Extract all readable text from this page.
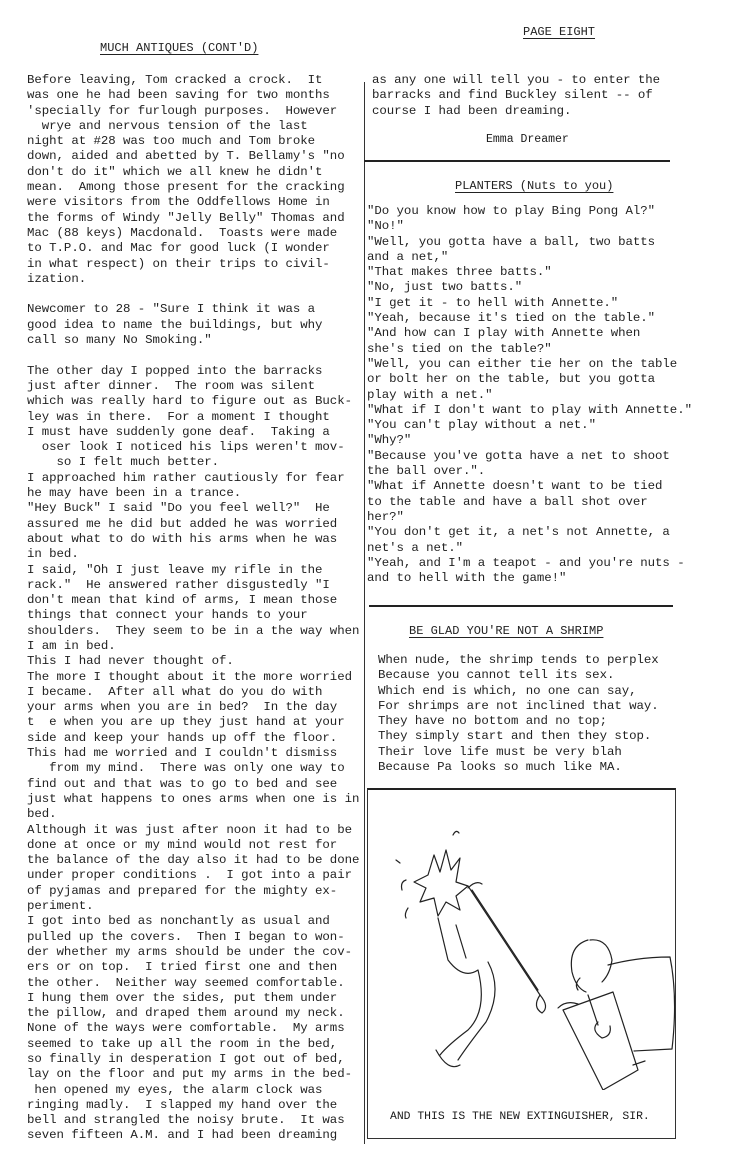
MUCH ANTIQUES (CONT'D)
PAGE EIGHT
Before leaving, Tom cracked a crock.  It
was one he had been saving for two months
'specially for furlough purposes.  However
wrye and nervous tension of the last
night at #28 was too much and Tom broke
down, aided and abetted by T. Bellamy's "no
don't do it" which we all knew he didn't
mean.  Among those present for the cracking
were visitors from the Oddfellows Home in
the forms of Windy "Jelly Belly" Thomas and
Mac (88 keys) Macdonald.  Toasts were made
to T.P.O. and Mac for good luck (I wonder
in what respect) on their trips to civil-
ization.
Newcomer to 28 - "Sure I think it was a
good idea to name the buildings, but why
call so many No Smoking."
The other day I popped into the barracks
just after dinner.  The room was silent
which was really hard to figure out as Buck-
ley was in there.  For a moment I thought
I must have suddenly gone deaf.  Taking a
oser look I noticed his lips weren't mov-
so I felt much better.
I approached him rather cautiously for fear
he may have been in a trance.
"Hey Buck" I said "Do you feel well?"  He
assured me he did but added he was worried
about what to do with his arms when he was
in bed.
I said, "Oh I just leave my rifle in the
rack."  He answered rather disgustedly "I
don't mean that kind of arms, I mean those
things that connect your hands to your
shoulders.  They seem to be in a the way when
I am in bed.
This I had never thought of.
The more I thought about it the more worried
I became.  After all what do you do with
your arms when you are in bed?  In the day
t  e when you are up they just hand at your
side and keep your hands up off the floor.
This had me worried and I couldn't dismiss
from my mind.  There was only one way to
find out and that was to go to bed and see
just what happens to ones arms when one is in
bed.
Although it was just after noon it had to be
done at once or my mind would not rest for
the balance of the day also it had to be done
under proper conditions .  I got into a pair
of pyjamas and prepared for the mighty ex-
periment.
I got into bed as nonchantly as usual and
pulled up the covers.  Then I began to won-
der whether my arms should be under the cov-
ers or on top.  I tried first one and then
the other.  Neither way seemed comfortable.
I hung them over the sides, put them under
the pillow, and draped them around my neck.
None of the ways were comfortable.  My arms
seemed to take up all the room in the bed,
so finally in desperation I got out of bed,
lay on the floor and put my arms in the bed-
hen opened my eyes, the alarm clock was
ringing madly.  I slapped my hand over the
bell and strangled the noisy brute.  It was
seven fifteen A.M. and I had been dreaming
as any one will tell you - to enter the
barracks and find Buckley silent -- of
course I had been dreaming.
Emma Dreamer
PLANTERS (Nuts to you)
"Do you know how to play Bing Pong Al?"
"No!"
"Well, you gotta have a ball, two batts
and a net,"
"That makes three batts."
"No, just two batts."
"I get it - to hell with Annette."
"Yeah, because it's tied on the table."
"And how can I play with Annette when
she's tied on the table?"
"Well, you can either tie her on the table
or bolt her on the table, but you gotta
play with a net."
"What if I don't want to play with Annette."
"You can't play without a net."
"Why?"
"Because you've gotta have a net to shoot
the ball over.".
"What if Annette doesn't want to be tied
to the table and have a ball shot over
her?"
"You don't get it, a net's not Annette, a
net's a net."
"Yeah, and I'm a teapot - and you're nuts -
and to hell with the game!"
BE GLAD YOU'RE NOT A SHRIMP
When nude, the shrimp tends to perplex
Because you cannot tell its sex.
Which end is which, no one can say,
For shrimps are not inclined that way.
They have no bottom and no top;
They simply start and then they stop.
Their love life must be very blah
Because Pa looks so much like MA.
AND THIS IS THE NEW EXTINGUISHER, SIR.
